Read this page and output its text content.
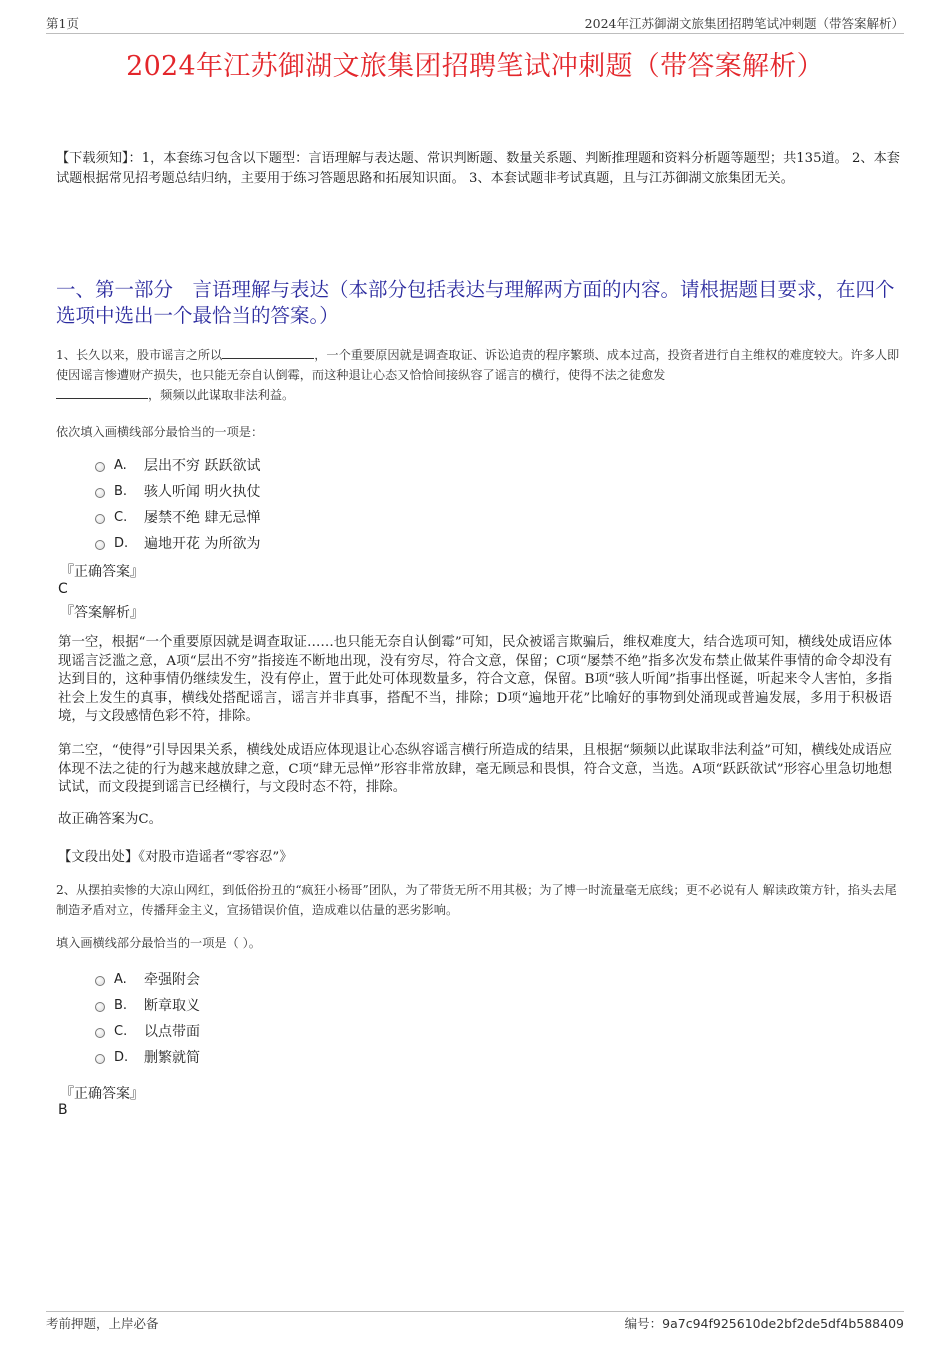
第1页	2024年江苏御湖文旅集团招聘笔试冲刺题（带答案解析）
2024年江苏御湖文旅集团招聘笔试冲刺题（带答案解析）
【下载须知】：1，本套练习包含以下题型：言语理解与表达题、常识判断题、数量关系题、判断推理题和资料分析题等题型；共135道。 2、本套试题根据常见招考题总结归纳，主要用于练习答题思路和拓展知识面。 3、本套试题非考试真题，且与江苏御湖文旅集团无关。
一、第一部分　言语理解与表达（本部分包括表达与理解两方面的内容。请根据题目要求，在四个选项中选出一个最恰当的答案。）
1、长久以来，股市谣言之所以	，一个重要原因就是调查取证、诉讼追责的程序繁琐、成本过高，投资者进行自主维权的难度较大。许多人即使因谣言惨遭财产损失，也只能无奈自认倒霉，而这种退让心态又恰恰间接纵容了谣言的横行，使得不法之徒愈发
，频频以此谋取非法利益。
依次填入画横线部分最恰当的一项是：
A.	层出不穷 跃跃欲试
B.	骇人听闻 明火执仗
C.	屡禁不绝 肆无忌惮
D.	遍地开花 为所欲为
『正确答案』
C
『答案解析』
第一空，根据“一个重要原因就是调查取证……也只能无奈自认倒霉”可知，民众被谣言欺骗后，维权难度大，结合选项可知，横线处成语应体现谣言泛滥之意，A项“层出不穷”指接连不断地出现，没有穷尽，符合文意，保留；C项“屡禁不绝”指多次发布禁止做某件事情的命令却没有达到目的，这种事情仍继续发生，没有停止，置于此处可体现数量多，符合文意，保留。B项“骇人听闻”指事出怪诞，听起来令人害怕，多指社会上发生的真事，横线处搭配谣言，谣言并非真事，搭配不当，排除；D项“遍地开花”比喻好的事物到处涌现或普遍发展，多用于积极语境，与文段感情色彩不符，排除。
第二空，“使得”引导因果关系，横线处成语应体现退让心态纵容谣言横行所造成的结果，且根据“频频以此谋取非法利益”可知，横线处成语应体现不法之徒的行为越来越放肆之意，C项“肆无忌惮”形容非常放肆，毫无顾忌和畏惧，符合文意，当选。A项“跃跃欲试”形容心里急切地想试试，而文段提到谣言已经横行，与文段时态不符，排除。
故正确答案为C。
【文段出处】《对股市造谣者“零容忍”》
2、从摆拍卖惨的大凉山网红，到低俗扮丑的“疯狂小杨哥”团队，为了带货无所不用其极；为了博一时流量毫无底线；更不必说有人 解读政策方针，掐头去尾制造矛盾对立，传播拜金主义，宣扬错误价值，造成难以估量的恶劣影响。
填入画横线部分最恰当的一项是（ ）。
A.	牵强附会
B.	断章取义
C.	以点带面
D.	删繁就简
『正确答案』
B
考前押题，上岸必备	编号：9a7c94f925610de2bf2de5df4b588409
